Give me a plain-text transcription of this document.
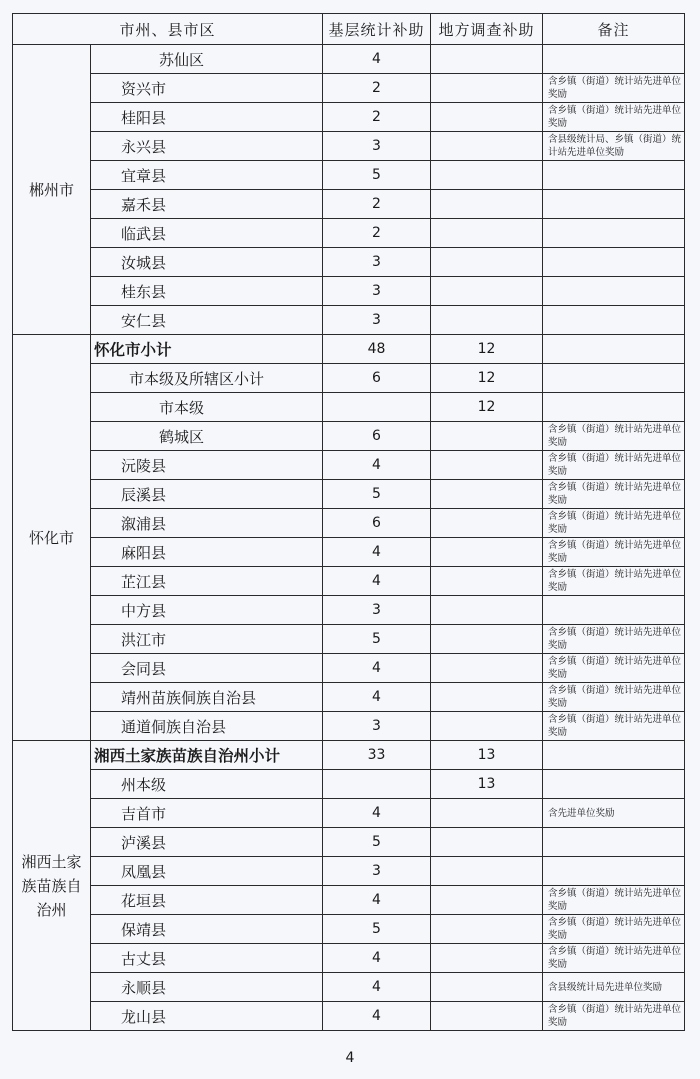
市州、县市区		基层统计补助	地方调查补助	备注
郴州市	苏仙区	4		
	资兴市	2		含乡镇（街道）统计站先进单位奖励
	桂阳县	2		含乡镇（街道）统计站先进单位奖励
	永兴县	3		含县级统计局、乡镇（街道）统计站先进单位奖励
	宜章县	5		
	嘉禾县	2		
	临武县	2		
	汝城县	3		
	桂东县	3		
	安仁县	3		
怀化市	怀化市小计	48	12	
	市本级及所辖区小计	6	12	
	市本级		12	
	鹤城区	6		含乡镇（街道）统计站先进单位奖励
	沅陵县	4		含乡镇（街道）统计站先进单位奖励
	辰溪县	5		含乡镇（街道）统计站先进单位奖励
	溆浦县	6		含乡镇（街道）统计站先进单位奖励
	麻阳县	4		含乡镇（街道）统计站先进单位奖励
	芷江县	4		含乡镇（街道）统计站先进单位奖励
	中方县	3		
	洪江市	5		含乡镇（街道）统计站先进单位奖励
	会同县	4		含乡镇（街道）统计站先进单位奖励
	靖州苗族侗族自治县	4		含乡镇（街道）统计站先进单位奖励
	通道侗族自治县	3		含乡镇（街道）统计站先进单位奖励
湘西土家族苗族自治州	湘西土家族苗族自治州小计	33	13	
	州本级		13	
	吉首市	4		含先进单位奖励
	泸溪县	5		
	凤凰县	3		
	花垣县	4		含乡镇（街道）统计站先进单位奖励
	保靖县	5		含乡镇（街道）统计站先进单位奖励
	古丈县	4		含乡镇（街道）统计站先进单位奖励
	永顺县	4		含县级统计局先进单位奖励
	龙山县	4		含乡镇（街道）统计站先进单位奖励
4
